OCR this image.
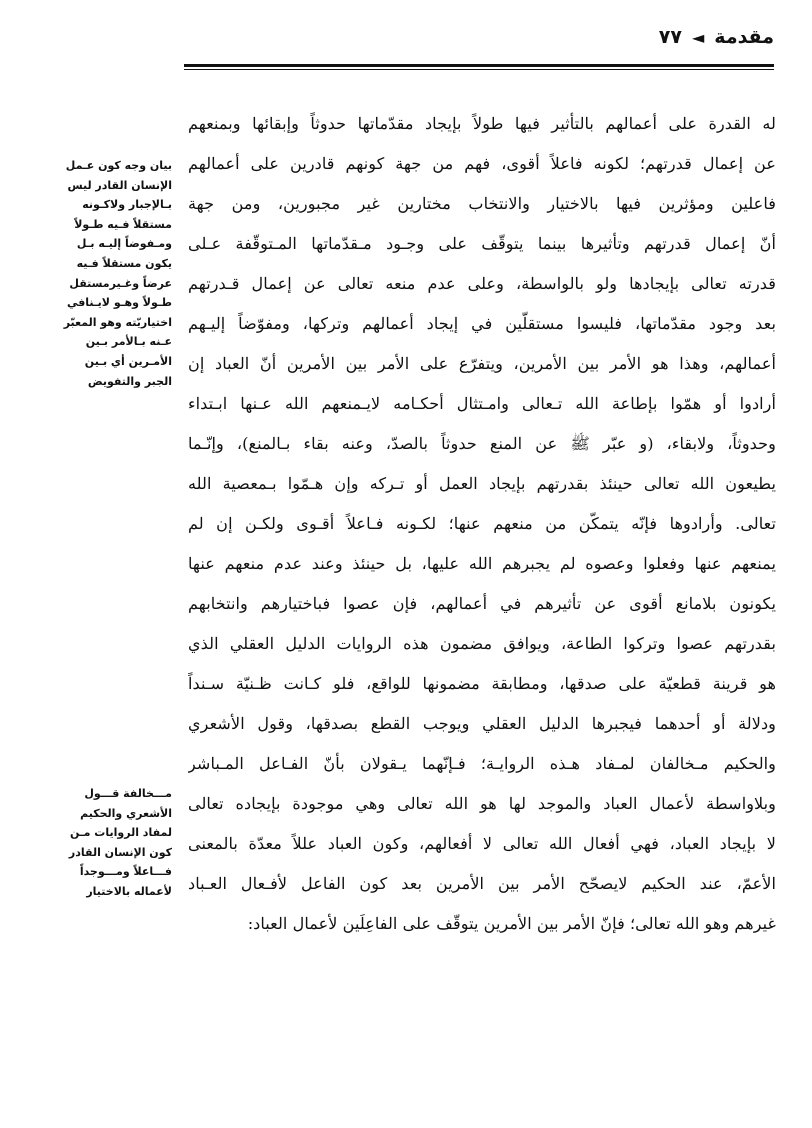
مقدمة
◄
٧٧
له القدرة على أعمالهم بالتأثير فيها طولاً بإيجاد مقدّماتها حدوثاً وإبقائها وبمنعهم
عن إعمال قدرتهم؛ لكونه فاعلاً أقوى، فهم من جهة كونهم قادرين على أعمالهم
فاعلين ومؤثرين فيها بالاختيار والانتخاب مختارين غير مجبورين، ومن جهة
أنّ إعمال قدرتهم وتأثيرها بينما يتوقّف على وجـود مـقدّماتها المـتوقّفة عـلى
قدرته تعالى بإيجادها ولو بالواسطة، وعلى عدم منعه تعالى عن إعمال قـدرتهم
بعد وجود مقدّماتها، فليسوا مستقلّين في إيجاد أعمالهم وتركها، ومفوّضاً إليـهم
أعمالهم، وهذا هو الأمر بين الأمرين، ويتفرّع على الأمر بين الأمرين أنّ العباد إن
أرادوا أو همّوا بإطاعة الله تـعالى وامـتثال أحكـامه لايـمنعهم الله عـنها ابـتداء
وحدوثاً، ولابقاء، (و عبّر ﷺ عن المنع حدوثاً بالصدّ، وعنه بقاء بـالمنع)، وإنّـما
يطيعون الله تعالى حينئذ بقدرتهم بإيجاد العمل أو تـركه وإن هـمّوا بـمعصية الله
تعالى. وأرادوها فإنّه يتمكّن من منعهم عنها؛ لكـونه فـاعلاً أقـوى ولكـن إن لم
يمنعهم عنها وفعلوا وعصوه لم يجبرهم الله عليها، بل حينئذ وعند عدم منعهم عنها
يكونون بلامانع أقوى عن تأثيرهم في أعمالهم، فإن عصوا فباختيارهم وانتخابهم
بقدرتهم عصوا وتركوا الطاعة، ويوافق مضمون هذه الروايات الدليل العقلي الذي
هو قرينة قطعيّة على صدقها، ومطابقة مضمونها للواقع، فلو كـانت ظـنيّة سـنداً
ودلالة أو أحدهما فيجبرها الدليل العقلي ويوجب القطع بصدقها، وقول الأشعري
والحكيم مـخالفان لمـفاد هـذه الروايـة؛ فـإنّهما يـقولان بأنّ الفـاعل المـباشر
وبلاواسطة لأعمال العباد والموجد لها هو الله تعالى وهي موجودة بإيجاده تعالى
لا بإيجاد العباد، فهي أفعال الله تعالى لا أفعالهم، وكون العباد عللاً معدّة بالمعنى
الأعمّ، عند الحكيم لايصحّح الأمر بين الأمرين بعد كون الفاعل لأفـعال العـباد
غيرهم وهو الله تعالى؛ فإنّ الأمر بين الأمرين يتوقّف على الفاعِلَين لأعمال العباد:
بيان وجه كون عـمل
الإنسان القادر ليس
بـالإجبار ولاكـونه
مستقلاً فـيه طـولاً
ومـفوضاً إليـه بـل
يكون مستقلاً فـيه
عرضاً وغـيرمستقل
طـولاً وهـو لايـنافي
اختياريّته وهو المعبّر
عـنه بـالأمر بـين
الأمـرين أي بـين
الجبر والتفويض
مـــخالفة قـــول
الأشعري والحكيم
لمفاد الروايات مـن
كون الإنسان القادر
فـــاعلاً ومـــوجداً
لأعماله بالاختيار
